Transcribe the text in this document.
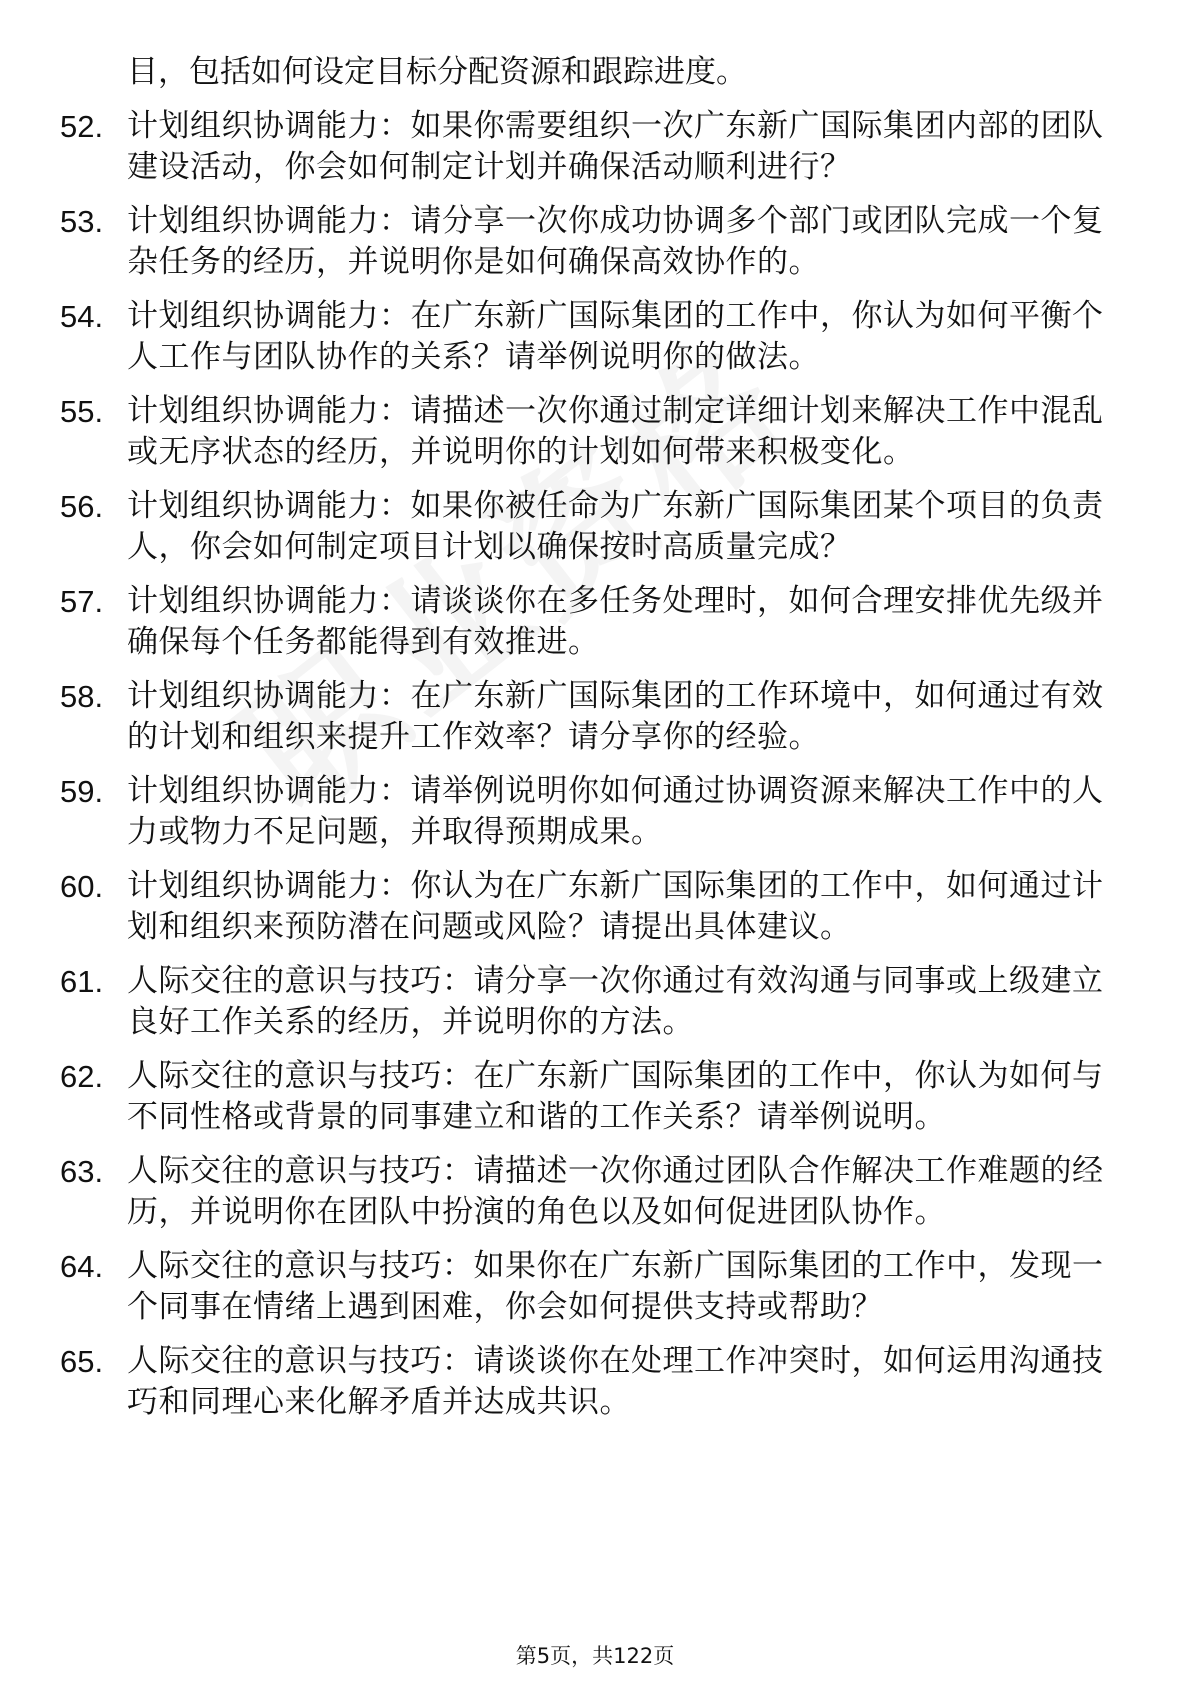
目，包括如何设定目标分配资源和跟踪进度。
52. 计划组织协调能力：如果你需要组织一次广东新广国际集团内部的团队建设活动，你会如何制定计划并确保活动顺利进行？
53. 计划组织协调能力：请分享一次你成功协调多个部门或团队完成一个复杂任务的经历，并说明你是如何确保高效协作的。
54. 计划组织协调能力：在广东新广国际集团的工作中，你认为如何平衡个人工作与团队协作的关系？请举例说明你的做法。
55. 计划组织协调能力：请描述一次你通过制定详细计划来解决工作中混乱或无序状态的经历，并说明你的计划如何带来积极变化。
56. 计划组织协调能力：如果你被任命为广东新广国际集团某个项目的负责人，你会如何制定项目计划以确保按时高质量完成？
57. 计划组织协调能力：请谈谈你在多任务处理时，如何合理安排优先级并确保每个任务都能得到有效推进。
58. 计划组织协调能力：在广东新广国际集团的工作环境中，如何通过有效的计划和组织来提升工作效率？请分享你的经验。
59. 计划组织协调能力：请举例说明你如何通过协调资源来解决工作中的人力或物力不足问题，并取得预期成果。
60. 计划组织协调能力：你认为在广东新广国际集团的工作中，如何通过计划和组织来预防潜在问题或风险？请提出具体建议。
61. 人际交往的意识与技巧：请分享一次你通过有效沟通与同事或上级建立良好工作关系的经历，并说明你的方法。
62. 人际交往的意识与技巧：在广东新广国际集团的工作中，你认为如何与不同性格或背景的同事建立和谐的工作关系？请举例说明。
63. 人际交往的意识与技巧：请描述一次你通过团队合作解决工作难题的经历，并说明你在团队中扮演的角色以及如何促进团队协作。
64. 人际交往的意识与技巧：如果你在广东新广国际集团的工作中，发现一个同事在情绪上遇到困难，你会如何提供支持或帮助？
65. 人际交往的意识与技巧：请谈谈你在处理工作冲突时，如何运用沟通技巧和同理心来化解矛盾并达成共识。
第5页，共122页
